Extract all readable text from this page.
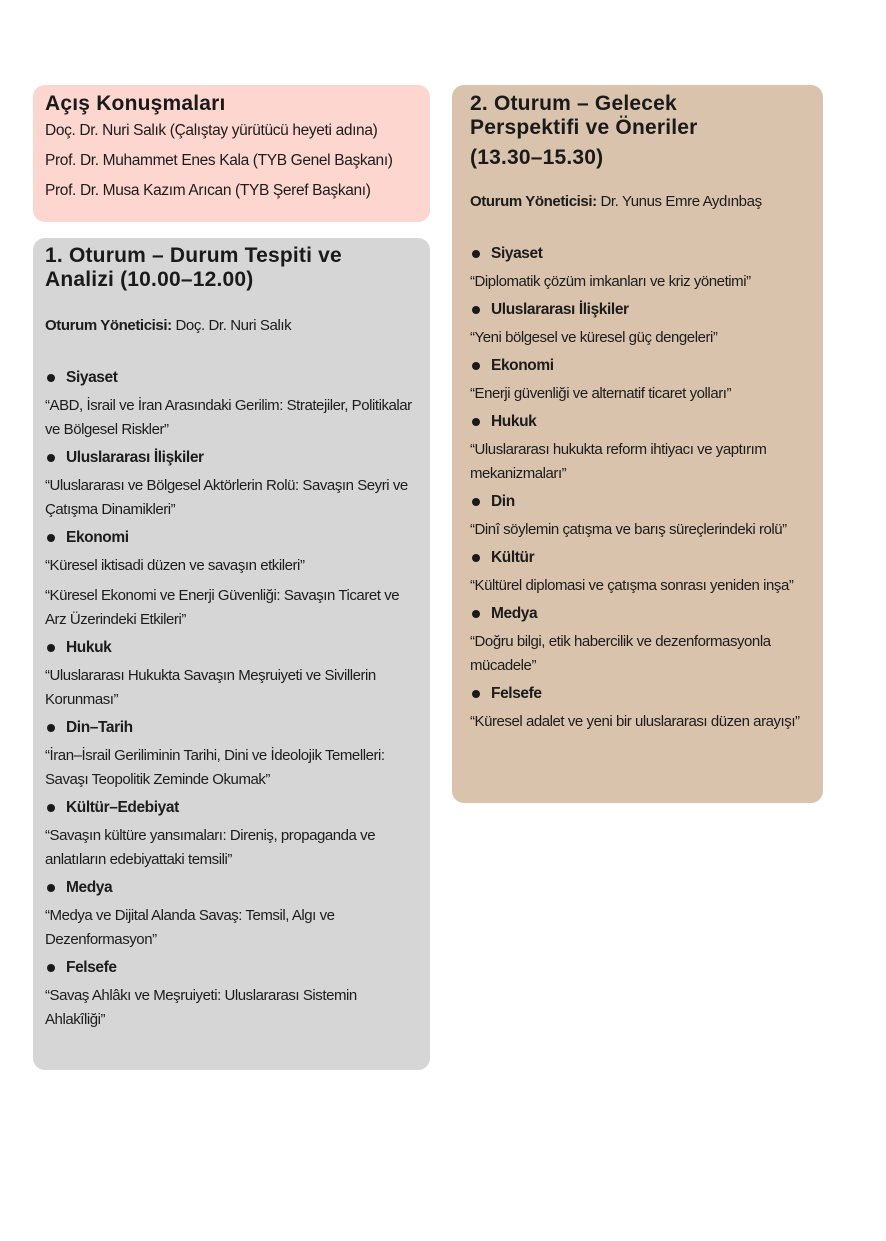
Açış Konuşmaları

Doç. Dr. Nuri Salık (Çalıştay yürütücü heyeti adına)

Prof. Dr. Muhammet Enes Kala (TYB Genel Başkanı)

Prof. Dr. Musa Kazım Arıcan (TYB Şeref Başkanı)

1. Oturum – Durum Tespiti ve
Analizi (10.00–12.00)

Oturum Yöneticisi: Doç. Dr. Nuri Salık

Siyaset

“ABD, İsrail ve İran Arasındaki Gerilim: Stratejiler, Politikalar ve Bölgesel Riskler”

Uluslararası İlişkiler

“Uluslararası ve Bölgesel Aktörlerin Rolü: Savaşın Seyri ve Çatışma Dinamikleri”

Ekonomi

“Küresel iktisadi düzen ve savaşın etkileri”

“Küresel Ekonomi ve Enerji Güvenliği: Savaşın Ticaret ve Arz Üzerindeki Etkileri”

Hukuk

“Uluslararası Hukukta Savaşın Meşruiyeti ve Sivillerin Korunması”

Din–Tarih

“İran–İsrail Geriliminin Tarihi, Dini ve İdeolojik Temelleri: Savaşı Teopolitik Zeminde Okumak”

Kültür–Edebiyat

“Savaşın kültüre yansımaları: Direniş, propaganda ve anlatıların edebiyattaki temsili”

Medya

“Medya ve Dijital Alanda Savaş: Temsil, Algı ve Dezenformasyon”

Felsefe

“Savaş Ahlâkı ve Meşruiyeti: Uluslararası Sistemin Ahlakîliği”

2. Oturum – Gelecek
Perspektifi ve Öneriler
(13.30–15.30)

Oturum Yöneticisi: Dr. Yunus Emre Aydınbaş

Siyaset

“Diplomatik çözüm imkanları ve kriz yönetimi”

Uluslararası İlişkiler

“Yeni bölgesel ve küresel güç dengeleri”

Ekonomi

“Enerji güvenliği ve alternatif ticaret yolları”

Hukuk

“Uluslararası hukukta reform ihtiyacı ve yaptırım mekanizmaları”

Din

“Dinî söylemin çatışma ve barış süreçlerindeki rolü”

Kültür

“Kültürel diplomasi ve çatışma sonrası yeniden inşa”

Medya

“Doğru bilgi, etik habercilik ve dezenformasyonla mücadele”

Felsefe

“Küresel adalet ve yeni bir uluslararası düzen arayışı”
